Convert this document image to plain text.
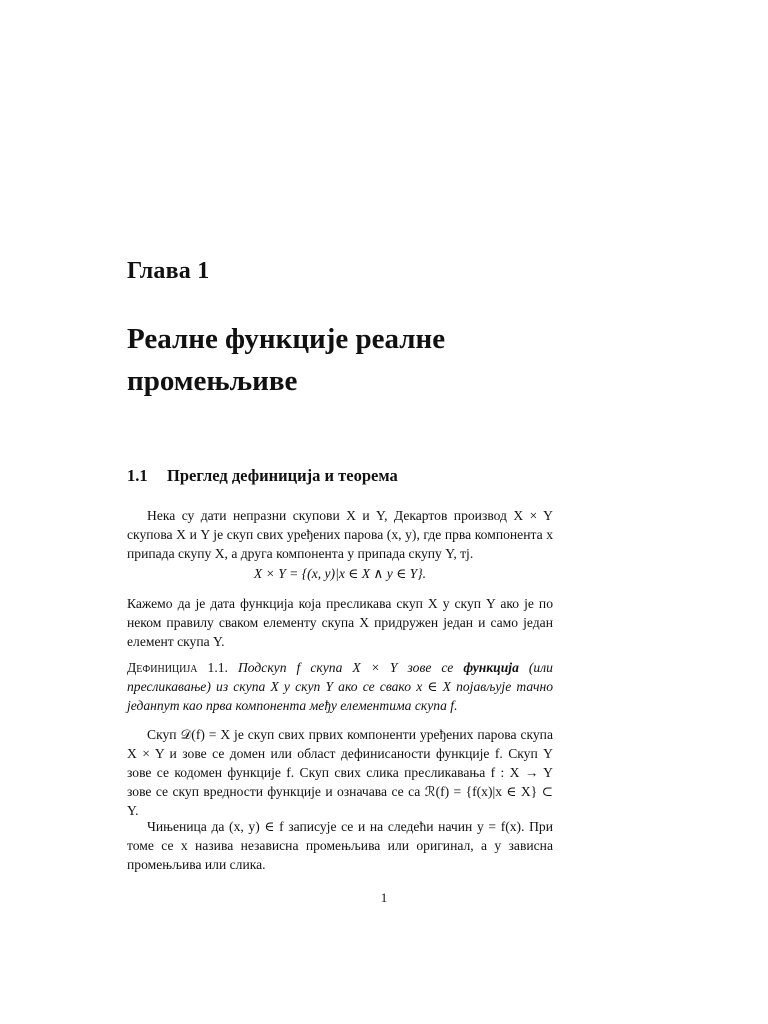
Глава 1
Реалне функције реалне промењљиве
1.1 Преглед дефиниција и теорема
Нека су дати непразни скупови X и Y, Декартов производ X × Y скупова X и Y је скуп свих уређених парова (x, y), где прва компонента x припада скупу X, а друга компонента y припада скупу Y, тј.
X × Y = {(x, y)|x ∈ X ∧ y ∈ Y}.
Кажемо да је дата функција која пресликава скуп X у скуп Y ако је по неком правилу сваком елементу скупа X придружен један и само један елемент скупа Y.
Дефиниција 1.1. Подскуп f скупа X × Y зове се функција (или пресликавање) из скупа X у скуп Y ако се свако x ∈ X појављује тачно једанпут као прва компонента међу елементима скупа f.
Скуп 𝒟(f) = X је скуп свих првих компоненти уређених парова скупа X × Y и зове се домен или област дефинисаности функције f. Скуп Y зове се кодомен функције f. Скуп свих слика пресликавања f : X → Y зове се скуп вредности функције и означава се са ℛ(f) = {f(x)|x ∈ X} ⊂ Y.
Чињеница да (x, y) ∈ f записује се и на следећи начин y = f(x). При томе се x назива независна промењљива или оригинал, а y зависна промењљива или слика.
1
